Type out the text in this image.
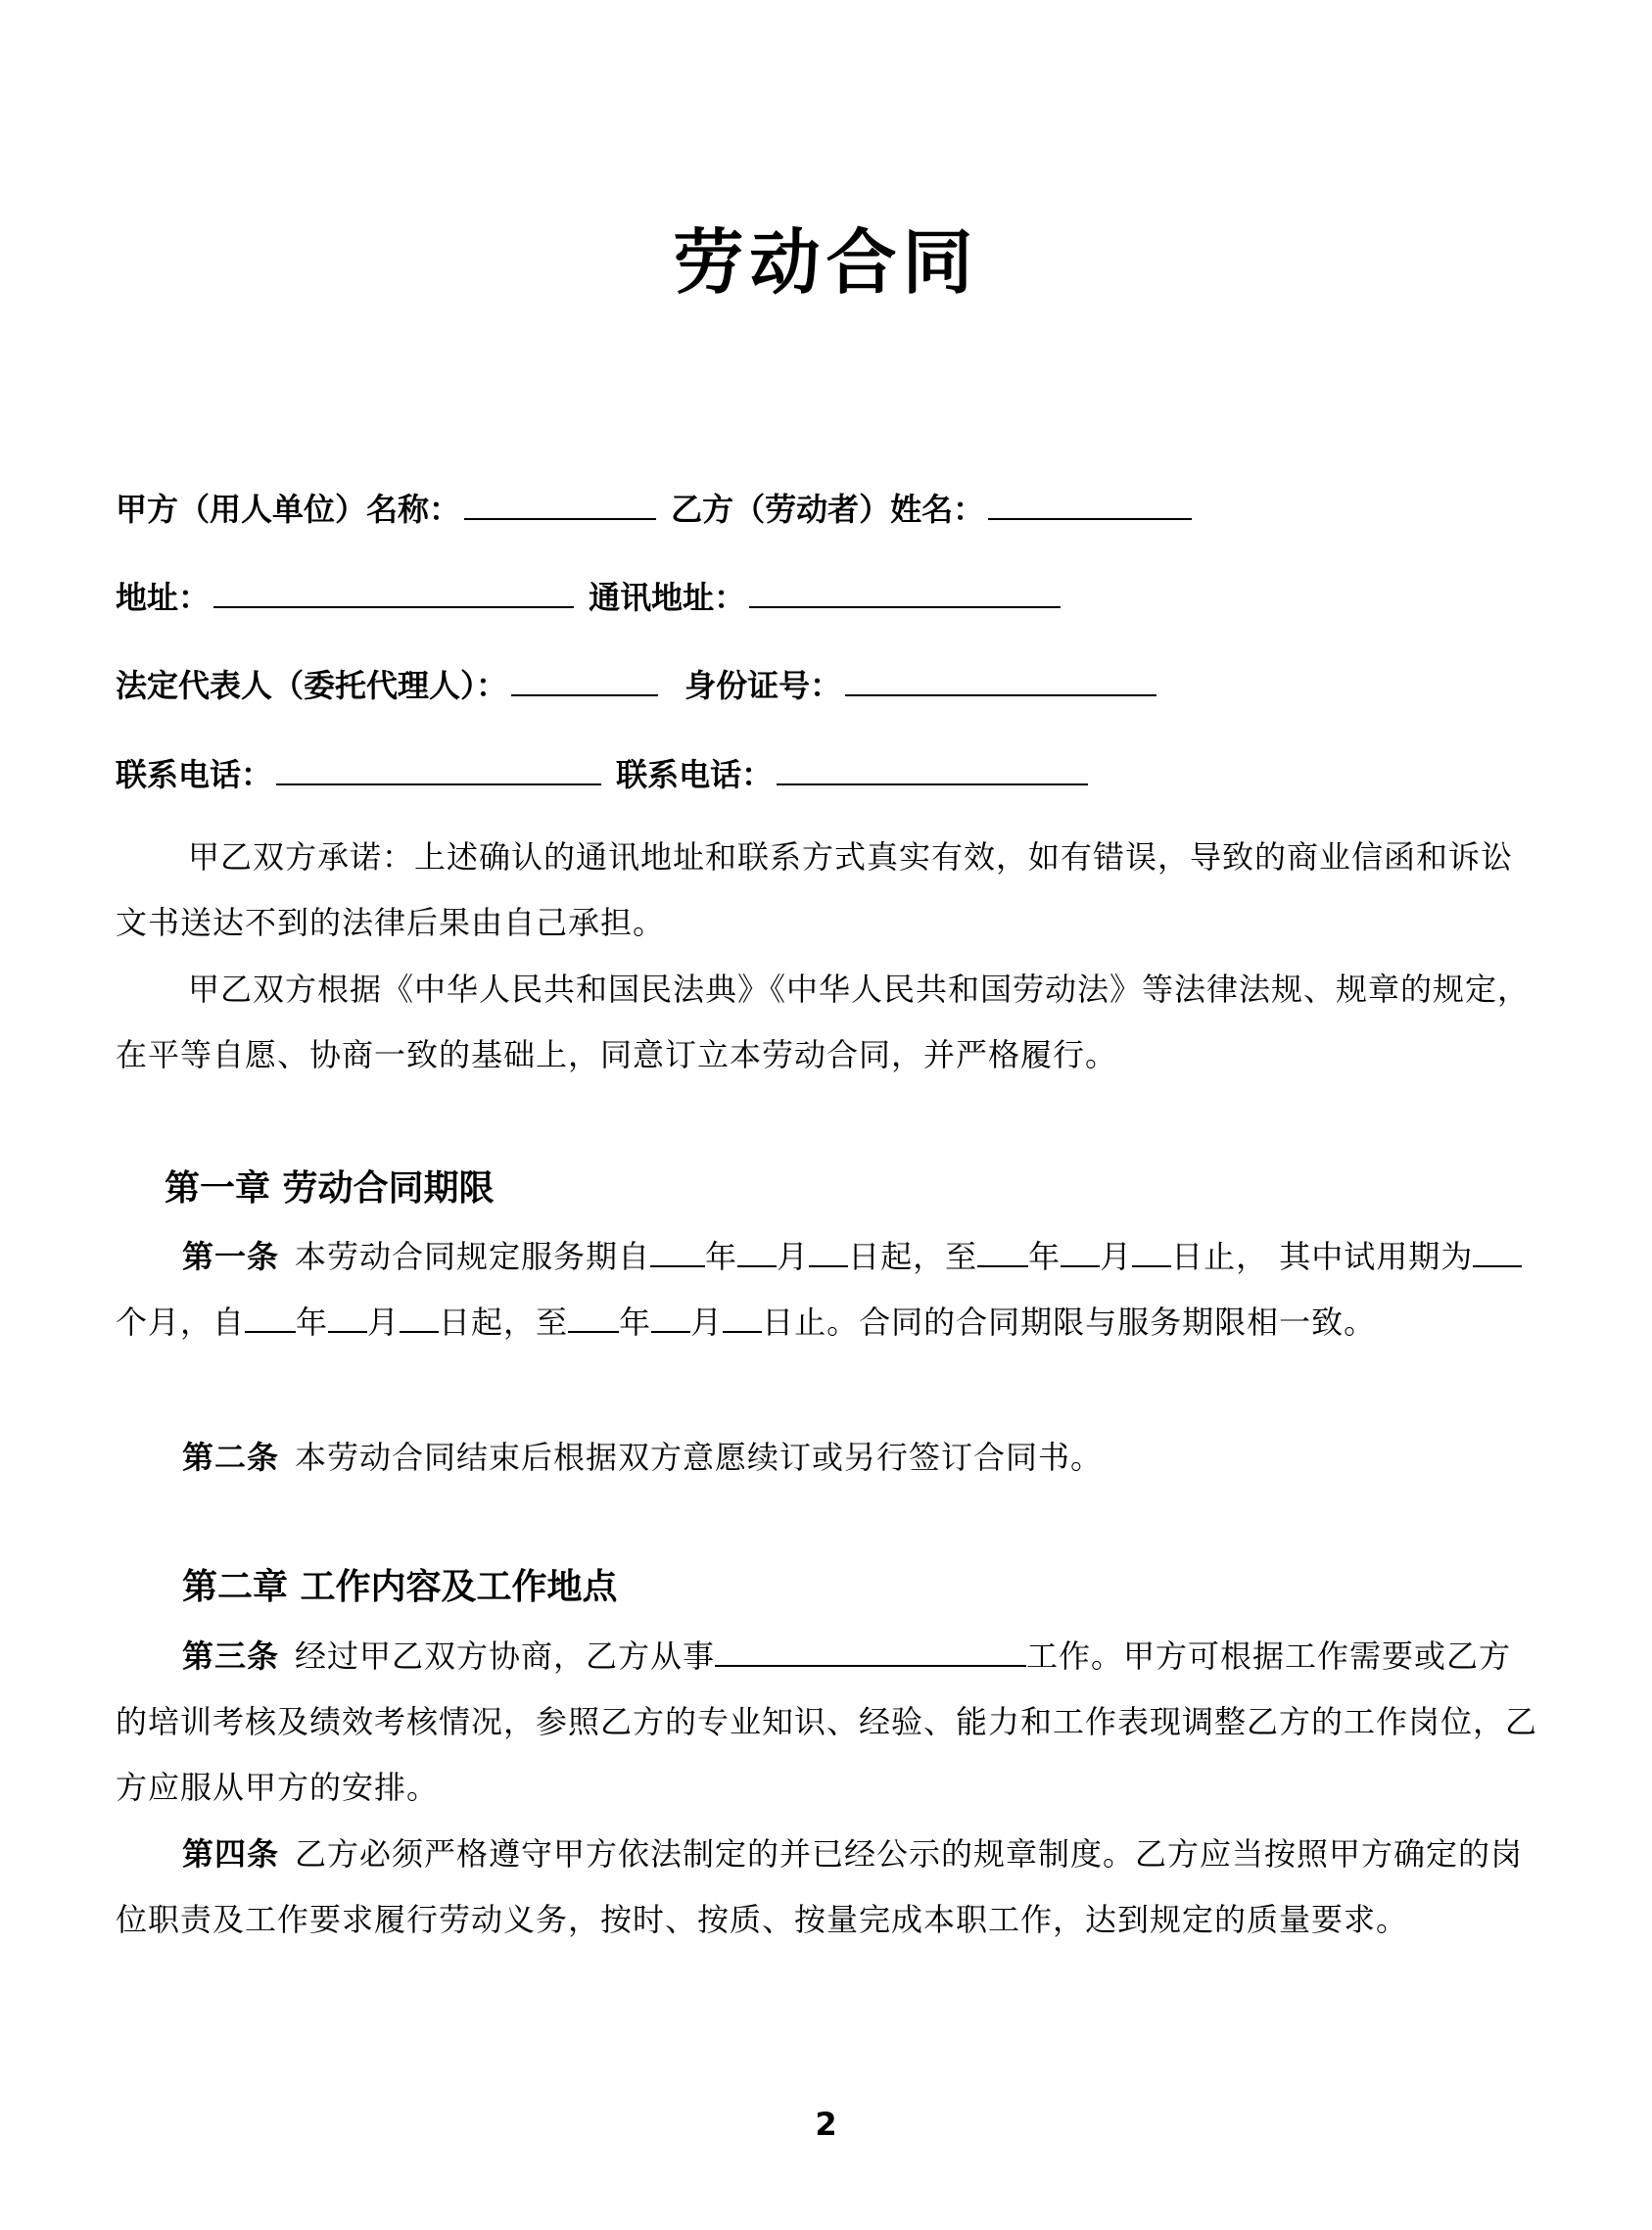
劳动合同
甲方（用人单位）名称：	乙方（劳动者）姓名：
地址：	通讯地址：
法定代表人（委托代理人）：	身份证号：
联系电话：	联系电话：
甲乙双方承诺：上述确认的通讯地址和联系方式真实有效，如有错误，导致的商业信函和诉讼文书送达不到的法律后果由自己承担。
甲乙双方根据《中华人民共和国民法典》《中华人民共和国劳动法》等法律法规、规章的规定，在平等自愿、协商一致的基础上，同意订立本劳动合同，并严格履行。
第一章 劳动合同期限
第一条 本劳动合同规定服务期自 年 月 日起，至 年 月 日止， 其中试用期为个月，自 年 月 日起，至 年 月 日止。合同的合同期限与服务期限相一致。
第二条 本劳动合同结束后根据双方意愿续订或另行签订合同书。
第二章 工作内容及工作地点
第三条 经过甲乙双方协商，乙方从事	工作。甲方可根据工作需要或乙方的培训考核及绩效考核情况，参照乙方的专业知识、经验、能力和工作表现调整乙方的工作岗位，乙方应服从甲方的安排。
第四条 乙方必须严格遵守甲方依法制定的并已经公示的规章制度。乙方应当按照甲方确定的岗位职责及工作要求履行劳动义务，按时、按质、按量完成本职工作，达到规定的质量要求。
2
